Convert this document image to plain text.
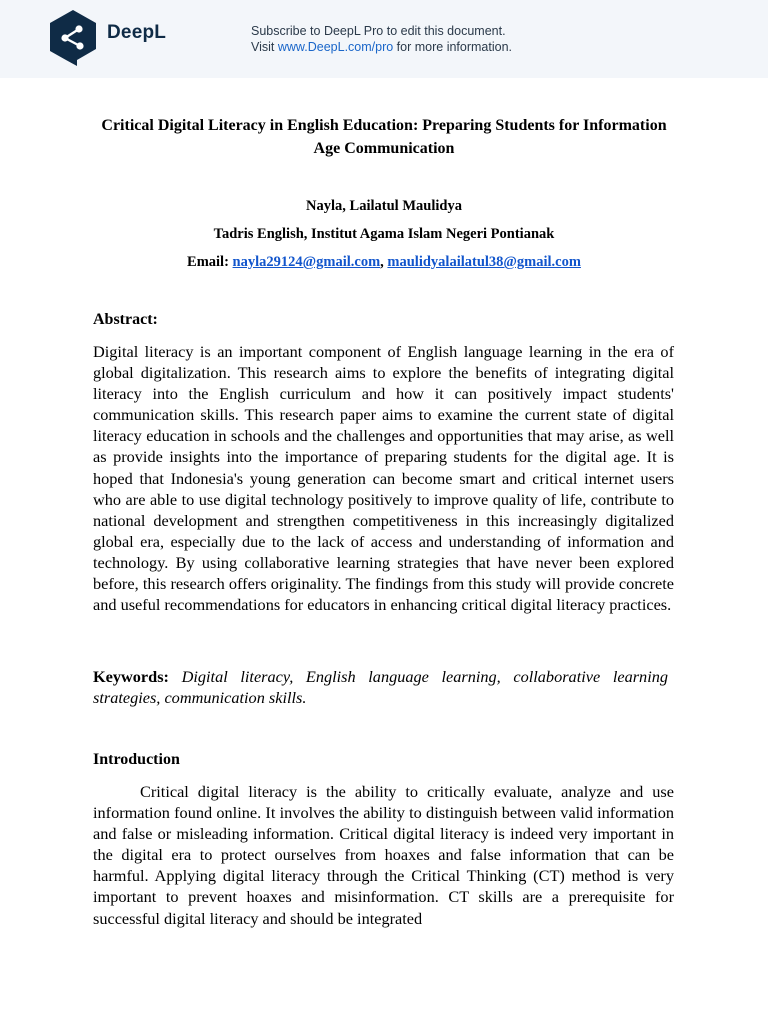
DeepL	Subscribe to DeepL Pro to edit this document.
Visit www.DeepL.com/pro for more information.
Critical Digital Literacy in English Education: Preparing Students for Information Age Communication
Nayla, Lailatul Maulidya
Tadris English, Institut Agama Islam Negeri Pontianak
Email: nayla29124@gmail.com, maulidyalailatul38@gmail.com
Abstract:
Digital literacy is an important component of English language learning in the era of global digitalization. This research aims to explore the benefits of integrating digital literacy into the English curriculum and how it can positively impact students' communication skills. This research paper aims to examine the current state of digital literacy education in schools and the challenges and opportunities that may arise, as well as provide insights into the importance of preparing students for the digital age. It is hoped that Indonesia's young generation can become smart and critical internet users who are able to use digital technology positively to improve quality of life, contribute to national development and strengthen competitiveness in this increasingly digitalized global era, especially due to the lack of access and understanding of information and technology. By using collaborative learning strategies that have never been explored before, this research offers originality. The findings from this study will provide concrete and useful recommendations for educators in enhancing critical digital literacy practices.
Keywords: Digital literacy, English language learning, collaborative learning strategies, communication skills.
Introduction
Critical digital literacy is the ability to critically evaluate, analyze and use information found online. It involves the ability to distinguish between valid information and false or misleading information. Critical digital literacy is indeed very important in the digital era to protect ourselves from hoaxes and false information that can be harmful. Applying digital literacy through the Critical Thinking (CT) method is very important to prevent hoaxes and misinformation. CT skills are a prerequisite for successful digital literacy and should be integrated
